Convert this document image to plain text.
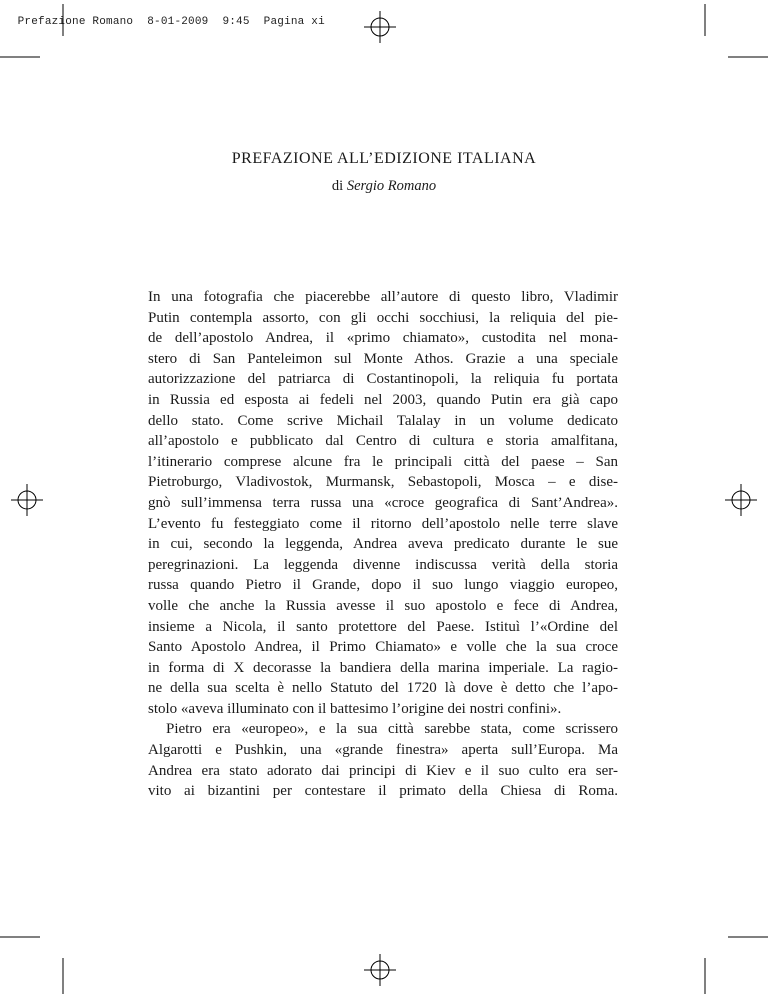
Prefazione Romano 8-01-2009 9:45 Pagina xi

PREFAZIONE ALL’EDIZIONE ITALIANA
di Sergio Romano

In una fotografia che piacerebbe all’autore di questo libro, Vladimir
Putin contempla assorto, con gli occhi socchiusi, la reliquia del pie-
de dell’apostolo Andrea, il «primo chiamato», custodita nel mona-
stero di San Panteleimon sul Monte Athos. Grazie a una speciale
autorizzazione del patriarca di Costantinopoli, la reliquia fu portata
in Russia ed esposta ai fedeli nel 2003, quando Putin era già capo
dello stato. Come scrive Michail Talalay in un volume dedicato
all’apostolo e pubblicato dal Centro di cultura e storia amalfitana,
l’itinerario comprese alcune fra le principali città del paese – San
Pietroburgo, Vladivostok, Murmansk, Sebastopoli, Mosca – e dise-
gnò sull’immensa terra russa una «croce geografica di Sant’Andrea».
L’evento fu festeggiato come il ritorno dell’apostolo nelle terre slave
in cui, secondo la leggenda, Andrea aveva predicato durante le sue
peregrinazioni. La leggenda divenne indiscussa verità della storia
russa quando Pietro il Grande, dopo il suo lungo viaggio europeo,
volle che anche la Russia avesse il suo apostolo e fece di Andrea,
insieme a Nicola, il santo protettore del Paese. Istituì l’«Ordine del
Santo Apostolo Andrea, il Primo Chiamato» e volle che la sua croce
in forma di X decorasse la bandiera della marina imperiale. La ragio-
ne della sua scelta è nello Statuto del 1720 là dove è detto che l’apo-
stolo «aveva illuminato con il battesimo l’origine dei nostri confini».

Pietro era «europeo», e la sua città sarebbe stata, come scrissero
Algarotti e Pushkin, una «grande finestra» aperta sull’Europa. Ma
Andrea era stato adorato dai principi di Kiev e il suo culto era ser-
vito ai bizantini per contestare il primato della Chiesa di Roma.
